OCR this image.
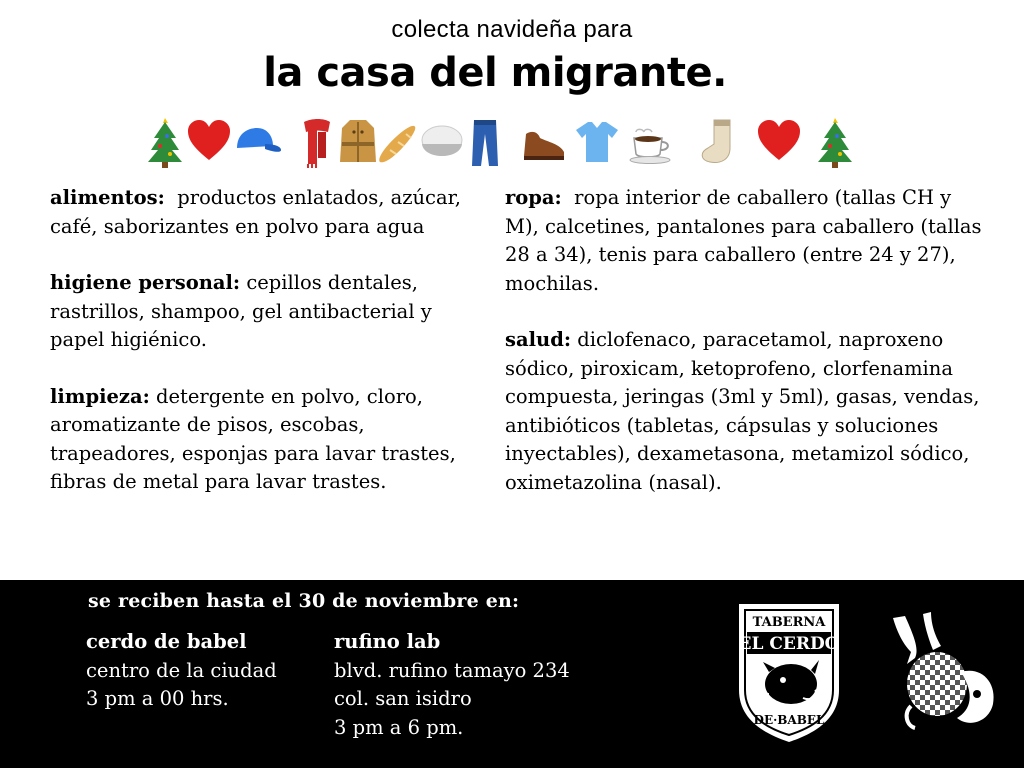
colecta navideña para
la casa del migrante.
alimentos: productos enlatados, azúcar, café, saborizantes en polvo para agua
higiene personal: cepillos dentales, rastrillos, shampoo, gel antibacterial y papel higiénico.
limpieza: detergente en polvo, cloro, aromatizante de pisos, escobas, trapeadores, esponjas para lavar trastes, fibras de metal para lavar trastes.
ropa: ropa interior de caballero (tallas CH y M), calcetines, pantalones para caballero (tallas 28 a 34), tenis para caballero (entre 24 y 27), mochilas.
salud: diclofenaco, paracetamol, naproxeno sódico, piroxicam, ketoprofeno, clorfenamina compuesta, jeringas (3ml y 5ml), gasas, vendas, antibióticos (tabletas, cápsulas y soluciones inyectables), dexametasona, metamizol sódico, oximetazolina (nasal).
se reciben hasta el 30 de noviembre en:
cerdo de babel
centro de la ciudad
3 pm a 00 hrs.
rufino lab
blvd. rufino tamayo 234
col. san isidro
3 pm a 6 pm.
TABERNA
EL CERDO
DE·BABEL
